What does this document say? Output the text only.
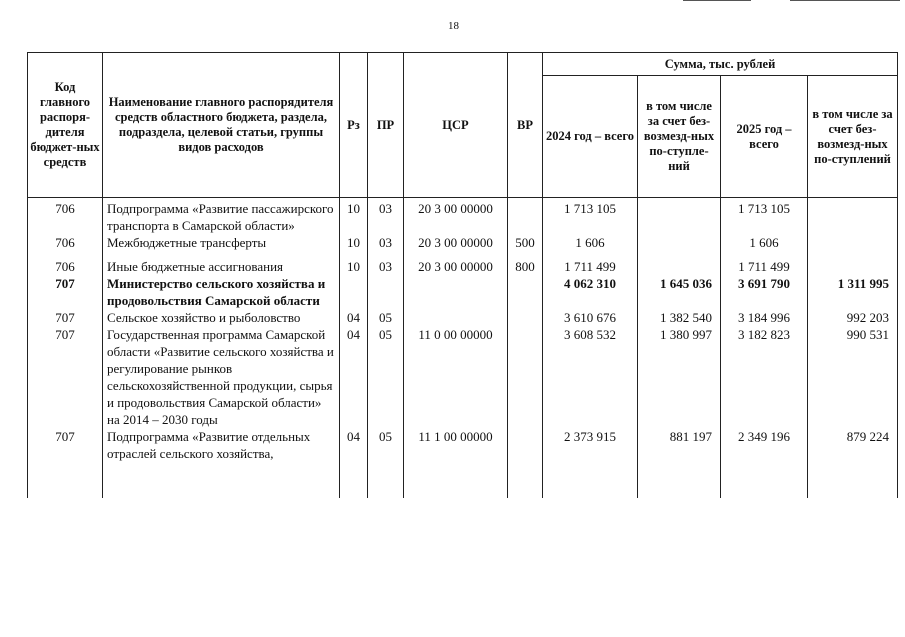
18
Код главного распоря-дителя бюджет-ных средств	Наименование главного распорядителя средств областного бюджета, раздела, подраздела, целевой статьи, группы видов расходов	Рз	ПР	ЦСР	ВР	Сумма, тыс. рублей			
						2024 год – всего	в том числе за счет без-возмезд-ных по-ступле-ний	2025 год – всего	в том числе за счет без-возмезд-ных по-ступлений
706	Подпрограмма «Развитие пассажирского транспорта в Самарской области»	10	03	20 3 00 00000		1 713 105		1 713 105	
706	Межбюджетные трансферты	10	03	20 3 00 00000	500	1 606		1 606	
706	Иные бюджетные ассигнования	10	03	20 3 00 00000	800	1 711 499		1 711 499	
707	Министерство сельского хозяйства и продовольствия Самарской области					4 062 310	1 645 036	3 691 790	1 311 995
707	Сельское хозяйство и рыболовство	04	05			3 610 676	1 382 540	3 184 996	992 203
707	Государственная программа Самарской области «Развитие сельского хозяйства и регулирование рынков сельскохозяйственной продукции, сырья и продовольствия Самарской области» на 2014 – 2030 годы	04	05	11 0 00 00000		3 608 532	1 380 997	3 182 823	990 531
707	Подпрограмма «Развитие отдельных отраслей сельского хозяйства,	04	05	11 1 00 00000		2 373 915	881 197	2 349 196	879 224
